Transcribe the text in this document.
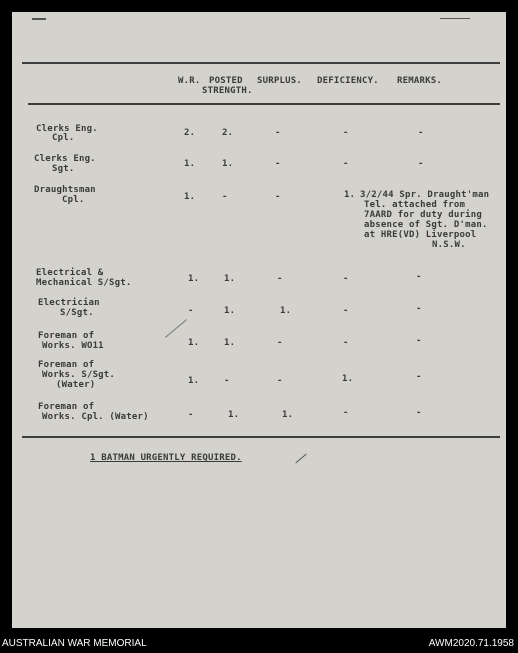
W.R. POSTED
STRENGTH.
SURPLUS. DEFICIENCY. REMARKS.
Clerks Eng.
Cpl.	2.	2.	-	-	-
Clerks Eng.
Sgt.	1.	1.	-	-	-
Draughtsman
Cpl.	1.	-	-	1. 3/2/44 Spr. Draught'man
Tel. attached from
7AARD for duty during
absence of Sgt. D'man.
at HRE(VD) Liverpool
N.S.W.
Electrical &
Mechanical S/Sgt.	1.	1.	-	-	-
Electrician
S/Sgt.	-	1.	1.	-	-
Foreman of
Works. WO11	1.	1.	-	-	-
Foreman of
Works. S/Sgt.
(Water)	1.	-	-	1.	-
Foreman of
Works. Cpl. (Water)	-	1.	1.	-	-
1 BATMAN URGENTLY REQUIRED.
AUSTRALIAN WAR MEMORIAL	AWM2020.71.1958
